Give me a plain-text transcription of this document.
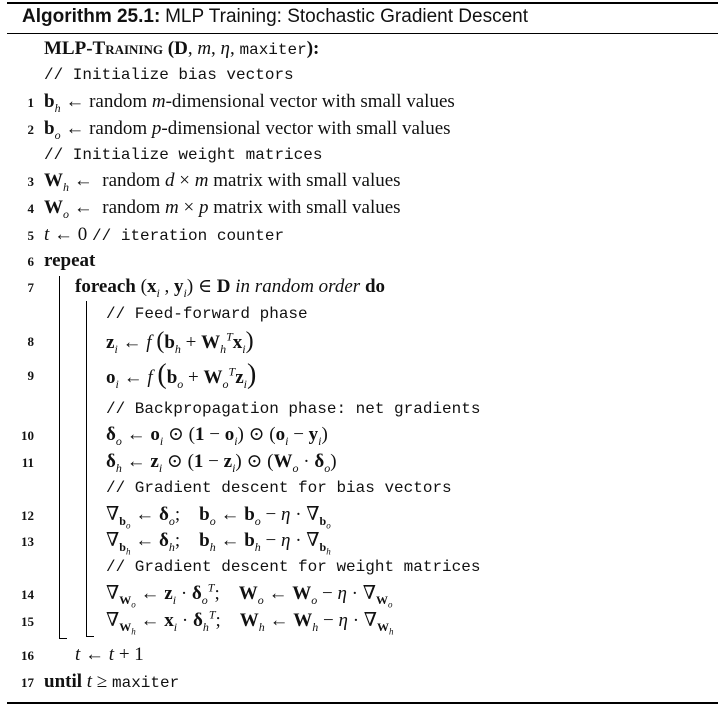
Algorithm 25.1: MLP Training: Stochastic Gradient Descent
MLP-Training (D, m, η, maxiter):
// Initialize bias vectors
1 $b_h$ ← random m-dimensional vector with small values
2 $b_o$ ← random p-dimensional vector with small values
// Initialize weight matrices
3 $W_h$ ←  random d × m matrix with small values
4 $W_o$ ←  random m × p matrix with small values
5 t ← 0 // iteration counter
6 repeat
7 foreach ($x_i$ , $y_i$) ∈ D in random order do
// Feed-forward phase
8	$z_i$ ← f $(b_h + W_h^Tx_i)$
9	$o_i$ ← f $(b_o + W_o^Tz_i)$
// Backpropagation phase: net gradients
10	$\delta_o$ ← $o_i$ ⊙ $(1 - o_i)$ ⊙ $(o_i - y_i)$
11	$\delta_h$ ← $z_i$ ⊙ $(1 - z_i)$ ⊙ $(W_o \cdot \delta_o)$
// Gradient descent for bias vectors
12	$\nabla_{b_o}$ ← $\delta_o$;    $b_o$ ← $b_o - \eta \cdot \nabla_{b_o}$
13	$\nabla_{b_h}$ ← $\delta_h$;    $b_h$ ← $b_h - \eta \cdot \nabla_{b_h}$
// Gradient descent for weight matrices
14	$\nabla_{W_o}$ ← $z_i \cdot \delta_o^T$;    $W_o$ ← $W_o - \eta \cdot \nabla_{W_o}$
15	$\nabla_{W_h}$ ← $x_i \cdot \delta_h^T$;    $W_h$ ← $W_h - \eta \cdot \nabla_{W_h}$
16 t ← t + 1
17 until t ≥ maxiter
